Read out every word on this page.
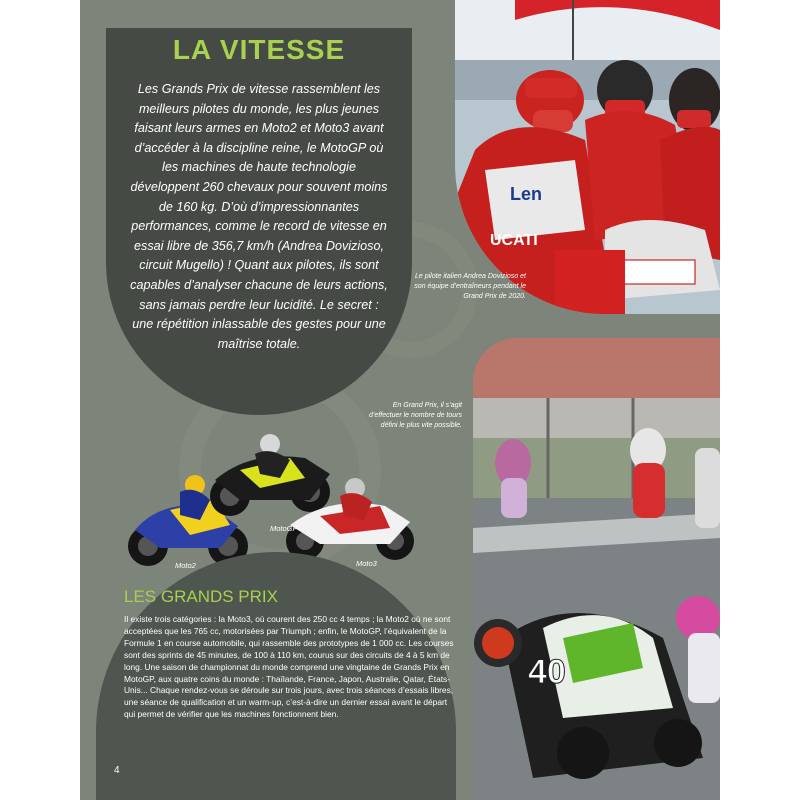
LA VITESSE
Les Grands Prix de vitesse rassemblent les meilleurs pilotes du monde, les plus jeunes faisant leurs armes en Moto2 et Moto3 avant d’accéder à la discipline reine, le MotoGP où les machines de haute technologie développent 260 chevaux pour souvent moins de 160 kg. D’où d’impressionnantes performances, comme le record de vitesse en essai libre de 356,7 km/h (Andrea Dovizioso, circuit Mugello) ! Quant aux pilotes, ils sont capables d’analyser chacune de leurs actions, sans jamais perdre leur lucidité. Le secret : une répétition inlassable des gestes pour une maîtrise totale.
Len
UCATI
Le pilote italien Andrea Dovizioso et son équipe d’entraîneurs pendant le Grand Prix de 2020.
40
En Grand Prix, il s’agit d’effectuer le nombre de tours défini le plus vite possible.
Moto2
MotoGP
Moto3
LES GRANDS PRIX
Il existe trois catégories : la Moto3, où courent des 250 cc 4 temps ; la Moto2 où ne sont acceptées que les 765 cc, motorisées par Triumph ; enfin, le MotoGP, l’équivalent de la Formule 1 en course automobile, qui rassemble des prototypes de 1 000 cc. Les courses sont des sprints de 45 minutes, de 100 à 110 km, courus sur des circuits de 4 à 5 km de long. Une saison de championnat du monde comprend une vingtaine de Grands Prix en MotoGP, aux quatre coins du monde : Thaïlande, France, Japon, Australie, Qatar, États-Unis... Chaque rendez-vous se déroule sur trois jours, avec trois séances d’essais libres, une séance de qualification et un warm-up, c’est-à-dire un dernier essai avant le départ qui permet de vérifier que les machines fonctionnent bien.
4
